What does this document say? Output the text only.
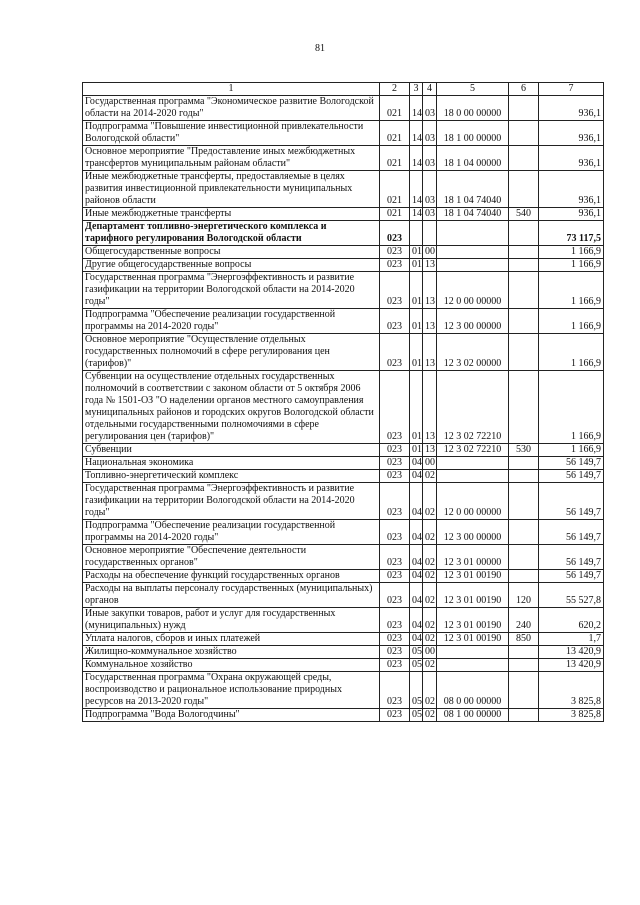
81
1	2	3	4	5	6	7
Государственная программа "Экономическое развитие Вологодской области на 2014-2020 годы"	021	14	03	18 0 00 00000		936,1
Подпрограмма "Повышение инвестиционной привлекательности Вологодской области"	021	14	03	18 1 00 00000		936,1
Основное мероприятие "Предоставление иных межбюджетных трансфертов муниципальным районам области"	021	14	03	18 1 04 00000		936,1
Иные межбюджетные трансферты, предоставляемые в целях развития инвестиционной привлекательности муниципальных районов области	021	14	03	18 1 04 74040		936,1
Иные межбюджетные трансферты	021	14	03	18 1 04 74040	540	936,1
Департамент топливно-энергетического комплекса и тарифного регулирования Вологодской области	023					73 117,5
Общегосударственные вопросы	023	01	00			1 166,9
Другие общегосударственные вопросы	023	01	13			1 166,9
Государственная программа "Энергоэффективность и развитие газификации на территории Вологодской области на 2014-2020 годы"	023	01	13	12 0 00 00000		1 166,9
Подпрограмма "Обеспечение реализации государственной программы на 2014-2020 годы"	023	01	13	12 3 00 00000		1 166,9
Основное мероприятие "Осуществление отдельных государственных полномочий в сфере регулирования цен (тарифов)"	023	01	13	12 3 02 00000		1 166,9
Субвенции на осуществление отдельных государственных полномочий в соответствии с законом области от 5 октября 2006 года № 1501-ОЗ "О наделении органов местного самоуправления муниципальных районов и городских округов Вологодской области отдельными государственными полномочиями в сфере регулирования цен (тарифов)"	023	01	13	12 3 02 72210		1 166,9
Субвенции	023	01	13	12 3 02 72210	530	1 166,9
Национальная экономика	023	04	00			56 149,7
Топливно-энергетический комплекс	023	04	02			56 149,7
Государственная программа "Энергоэффективность и развитие газификации на территории Вологодской области на 2014-2020 годы"	023	04	02	12 0 00 00000		56 149,7
Подпрограмма "Обеспечение реализации государственной программы на 2014-2020 годы"	023	04	02	12 3 00 00000		56 149,7
Основное мероприятие "Обеспечение деятельности государственных органов"	023	04	02	12 3 01 00000		56 149,7
Расходы на обеспечение функций государственных органов	023	04	02	12 3 01 00190		56 149,7
Расходы на выплаты персоналу государственных (муниципальных) органов	023	04	02	12 3 01 00190	120	55 527,8
Иные закупки товаров, работ и услуг для государственных (муниципальных) нужд	023	04	02	12 3 01 00190	240	620,2
Уплата налогов, сборов и иных платежей	023	04	02	12 3 01 00190	850	1,7
Жилищно-коммунальное хозяйство	023	05	00			13 420,9
Коммунальное хозяйство	023	05	02			13 420,9
Государственная программа "Охрана окружающей среды, воспроизводство и рациональное использование природных ресурсов на 2013-2020 годы"	023	05	02	08 0 00 00000		3 825,8
Подпрограмма "Вода Вологодчины"	023	05	02	08 1 00 00000		3 825,8
